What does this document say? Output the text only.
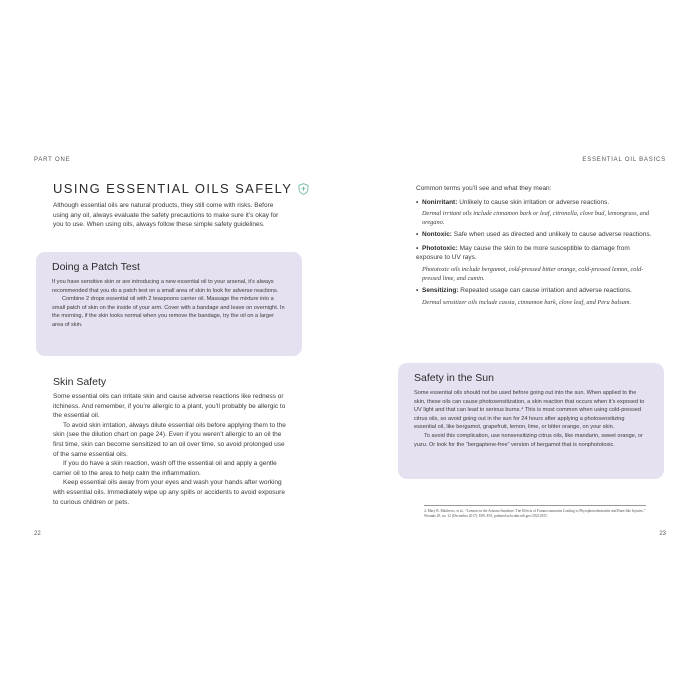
PART ONE	ESSENTIAL OIL BASICS
USING ESSENTIAL OILS SAFELY

Although essential oils are natural products, they still come with risks. Before using any oil, always evaluate the safety precautions to make sure it’s okay for you to use. When using oils, always follow these simple safety guidelines.

Doing a Patch Test

If you have sensitive skin or are introducing a new essential oil to your arsenal, it’s always recommended that you do a patch test on a small area of skin to look for adverse reactions.

Combine 2 drops essential oil with 2 teaspoons carrier oil. Massage the mixture into a small patch of skin on the inside of your arm. Cover with a bandage and leave on overnight. In the morning, if the skin looks normal when you remove the bandage, try the oil on a larger area of skin.

Skin Safety

Some essential oils can irritate skin and cause adverse reactions like redness or itchiness. And remember, if you’re allergic to a plant, you’ll probably be allergic to the essential oil.

To avoid skin irritation, always dilute essential oils before applying them to the skin (see the dilution chart on page 24). Even if you weren’t allergic to an oil the first time, skin can become sensitized to an oil over time, so avoid prolonged use of the same essential oils.

If you do have a skin reaction, wash off the essential oil and apply a gentle carrier oil to the area to help calm the inflammation.

Keep essential oils away from your eyes and wash your hands after working with essential oils. Immediately wipe up any spills or accidents to avoid exposure to curious children or pets.

22

Common terms you’ll see and what they mean:

• Nonirritant: Unlikely to cause skin irritation or adverse reactions.

Dermal irritant oils include cinnamon bark or leaf, citronella, clove bud, lemongrass, and oregano.

• Nontoxic: Safe when used as directed and unlikely to cause adverse reactions.

• Phototoxic: May cause the skin to be more susceptible to damage from exposure to UV rays.

Phototoxic oils include bergamot, cold-pressed bitter orange, cold-pressed lemon, cold-pressed lime, and cumin.

• Sensitizing: Repeated usage can cause irritation and adverse reactions.

Dermal sensitizer oils include cassia, cinnamon bark, clove leaf, and Peru balsam.

Safety in the Sun

Some essential oils should not be used before going out into the sun. When applied to the skin, these oils can cause photosensitization, a skin reaction that occurs when it’s exposed to UV light and that can lead to serious burns.⁴ This is most common when using cold-pressed citrus oils, so avoid going out in the sun for 24 hours after applying a photosensitizing essential oil, like bergamot, grapefruit, lemon, lime, or bitter orange, on your skin.

To avoid this complication, use nonsensitizing citrus oils, like mandarin, sweet orange, or yuzu. Or look for the “bergaptene-free” version of bergamot that is nonphototoxic.

4. Mary B. Matthews, et al., “Lemons in the Arizona Sunshine: The Effects of Furanocoumarins Leading to Phytophotodermatitis and Burn-like Injuries,” Wounds 29, no. 12 (December 2017): E89–E91, pubmed.ncbi.nlm.nih.gov/29231837/.
23
